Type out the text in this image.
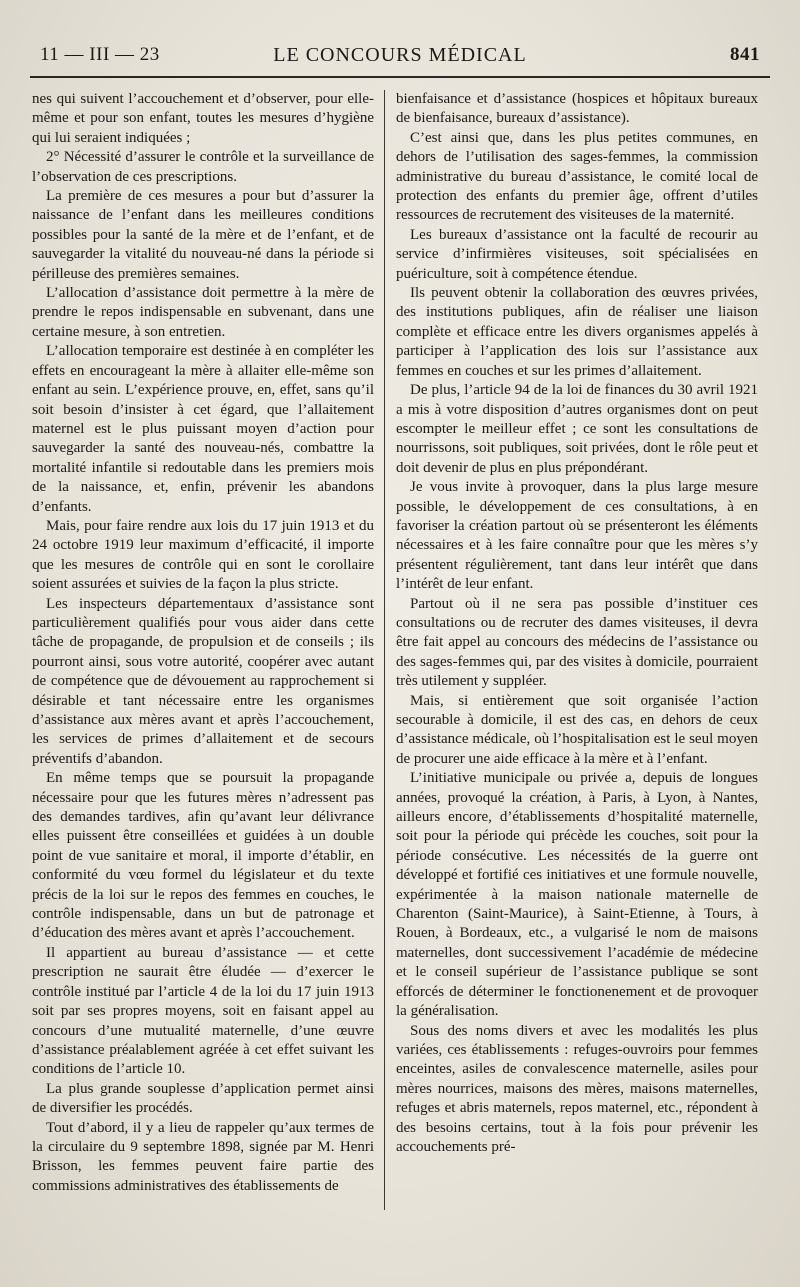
11 — III — 23	LE CONCOURS MÉDICAL	841

nes qui suivent l’accouchement et d’observer, pour elle-même et pour son enfant, toutes les mesures d’hygiène qui lui seraient indiquées ;

2° Nécessité d’assurer le contrôle et la surveillance de l’observation de ces prescriptions.

La première de ces mesures a pour but d’assurer la naissance de l’enfant dans les meilleures conditions possibles pour la santé de la mère et de l’enfant, et de sauvegarder la vitalité du nouveau-né dans la période si périlleuse des premières semaines.

L’allocation d’assistance doit permettre à la mère de prendre le repos indispensable en subvenant, dans une certaine mesure, à son entretien.

L’allocation temporaire est destinée à en compléter les effets en encourageant la mère à allaiter elle-même son enfant au sein. L’expérience prouve, en, effet, sans qu’il soit besoin d’insister à cet égard, que l’allaitement maternel est le plus puissant moyen d’action pour sauvegarder la santé des nouveau-nés, combattre la mortalité infantile si redoutable dans les premiers mois de la naissance, et, enfin, prévenir les abandons d’enfants.

Mais, pour faire rendre aux lois du 17 juin 1913 et du 24 octobre 1919 leur maximum d’efficacité, il importe que les mesures de contrôle qui en sont le corollaire soient assurées et suivies de la façon la plus stricte.

Les inspecteurs départementaux d’assistance sont particulièrement qualifiés pour vous aider dans cette tâche de propagande, de propulsion et de conseils ; ils pourront ainsi, sous votre autorité, coopérer avec autant de compétence que de dévouement au rapprochement si désirable et tant nécessaire entre les organismes d’assistance aux mères avant et après l’accouchement, les services de primes d’allaitement et de secours préventifs d’abandon.

En même temps que se poursuit la propagande nécessaire pour que les futures mères n’adressent pas des demandes tardives, afin qu’avant leur délivrance elles puissent être conseillées et guidées à un double point de vue sanitaire et moral, il importe d’établir, en conformité du vœu formel du législateur et du texte précis de la loi sur le repos des femmes en couches, le contrôle indispensable, dans un but de patronage et d’éducation des mères avant et après l’accouchement.

Il appartient au bureau d’assistance — et cette prescription ne saurait être éludée — d’exercer le contrôle institué par l’article 4 de la loi du 17 juin 1913 soit par ses propres moyens, soit en faisant appel au concours d’une mutualité maternelle, d’une œuvre d’assistance préalablement agréée à cet effet suivant les conditions de l’article 10.

La plus grande souplesse d’application permet ainsi de diversifier les procédés.

Tout d’abord, il y a lieu de rappeler qu’aux termes de la circulaire du 9 septembre 1898, signée par M. Henri Brisson, les femmes peuvent faire partie des commissions administratives des établissements de

bienfaisance et d’assistance (hospices et hôpitaux bureaux de bienfaisance, bureaux d’assistance).

C’est ainsi que, dans les plus petites communes, en dehors de l’utilisation des sages-femmes, la commission administrative du bureau d’assistance, le comité local de protection des enfants du premier âge, offrent d’utiles ressources de recrutement des visiteuses de la maternité.

Les bureaux d’assistance ont la faculté de recourir au service d’infirmières visiteuses, soit spécialisées en puériculture, soit à compétence étendue.

Ils peuvent obtenir la collaboration des œuvres privées, des institutions publiques, afin de réaliser une liaison complète et efficace entre les divers organismes appelés à participer à l’application des lois sur l’assistance aux femmes en couches et sur les primes d’allaitement.

De plus, l’article 94 de la loi de finances du 30 avril 1921 a mis à votre disposition d’autres organismes dont on peut escompter le meilleur effet ; ce sont les consultations de nourrissons, soit publiques, soit privées, dont le rôle peut et doit devenir de plus en plus prépondérant.

Je vous invite à provoquer, dans la plus large mesure possible, le développement de ces consultations, à en favoriser la création partout où se présenteront les éléments nécessaires et à les faire connaître pour que les mères s’y présentent régulièrement, tant dans leur intérêt que dans l’intérêt de leur enfant.

Partout où il ne sera pas possible d’instituer ces consultations ou de recruter des dames visiteuses, il devra être fait appel au concours des médecins de l’assistance ou des sages-femmes qui, par des visites à domicile, pourraient très utilement y suppléer.

Mais, si entièrement que soit organisée l’action secourable à domicile, il est des cas, en dehors de ceux d’assistance médicale, où l’hospitalisation est le seul moyen de procurer une aide efficace à la mère et à l’enfant.

L’initiative municipale ou privée a, depuis de longues années, provoqué la création, à Paris, à Lyon, à Nantes, ailleurs encore, d’établissements d’hospitalité maternelle, soit pour la période qui précède les couches, soit pour la période consécutive. Les nécessités de la guerre ont développé et fortifié ces initiatives et une formule nouvelle, expérimentée à la maison nationale maternelle de Charenton (Saint-Maurice), à Saint-Etienne, à Tours, à Rouen, à Bordeaux, etc., a vulgarisé le nom de maisons maternelles, dont successivement l’académie de médecine et le conseil supérieur de l’assistance publique se sont efforcés de déterminer le fonctionenement et de provoquer la généralisation.

Sous des noms divers et avec les modalités les plus variées, ces établissements : refuges-ouvroirs pour femmes enceintes, asiles de convalescence maternelle, asiles pour mères nourrices, maisons des mères, maisons maternelles, refuges et abris maternels, repos maternel, etc., répondent à des besoins certains, tout à la fois pour prévenir les accouchements pré-
